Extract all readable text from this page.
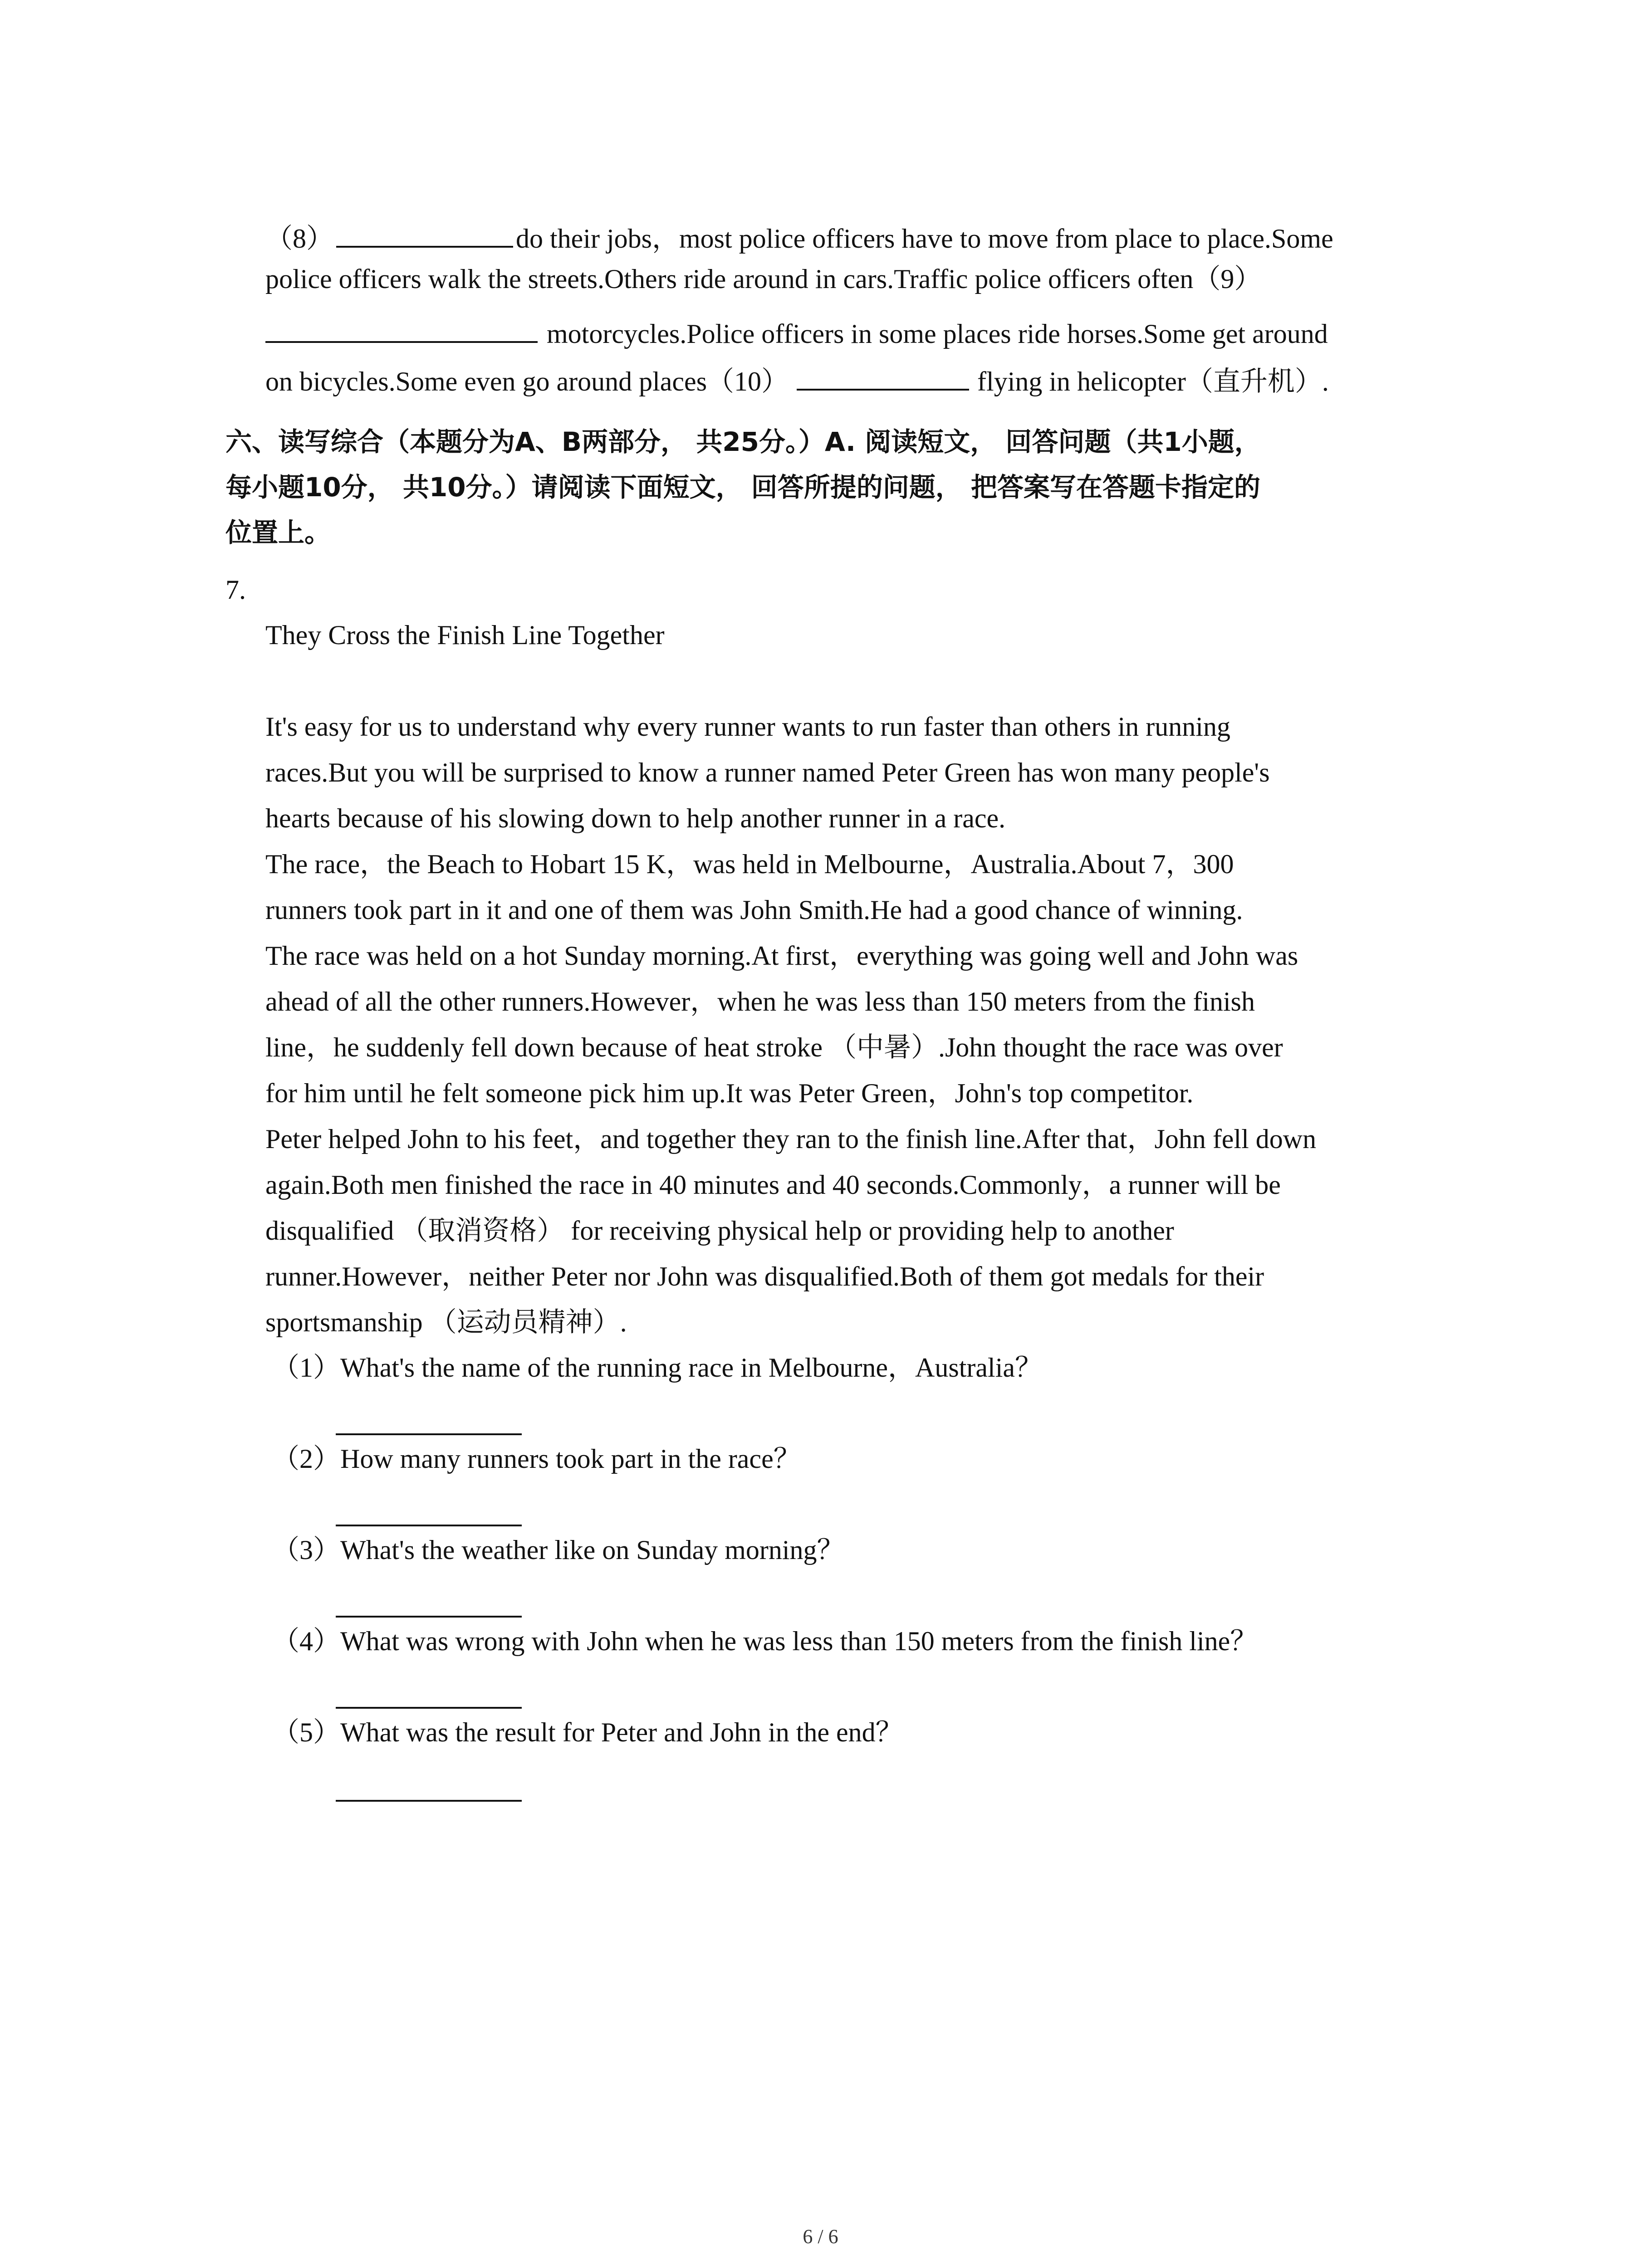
（8）	do their jobs，most police officers have to move from place to place.Some
police officers walk the streets.Others ride around in cars.Traffic police officers often（9）
motorcycles.Police officers in some places ride horses.Some get around
on bicycles.Some even go around places（10）	flying in helicopter（直升机）.
六、读写综合（本题分为A、B两部分， 共25分。）A. 阅读短文， 回答问题（共1小题，
每小题10分， 共10分。）请阅读下面短文， 回答所提的问题， 把答案写在答题卡指定的
位置上。
7.
They Cross the Finish Line Together
It's easy for us to understand why every runner wants to run faster than others in running
races.But you will be surprised to know a runner named Peter Green has won many people's
hearts because of his slowing down to help another runner in a race.
The race，the Beach to Hobart 15 K，was held in Melbourne，Australia.About 7，300
runners took part in it and one of them was John Smith.He had a good chance of winning.
The race was held on a hot Sunday morning.At first，everything was going well and John was
ahead of all the other runners.However，when he was less than 150 meters from the finish
line，he suddenly fell down because of heat stroke （中暑）.John thought the race was over
for him until he felt someone pick him up.It was Peter Green，John's top competitor.
Peter helped John to his feet，and together they ran to the finish line.After that，John fell down
again.Both men finished the race in 40 minutes and 40 seconds.Commonly，a runner will be
disqualified （取消资格） for receiving physical help or providing help to another
runner.However，neither Peter nor John was disqualified.Both of them got medals for their
sportsmanship （运动员精神）.
（1）What's the name of the running race in Melbourne，Australia？
（2）How many runners took part in the race？
（3）What's the weather like on Sunday morning？
（4）What was wrong with John when he was less than 150 meters from the finish line？
（5）What was the result for Peter and John in the end？
6 / 6
